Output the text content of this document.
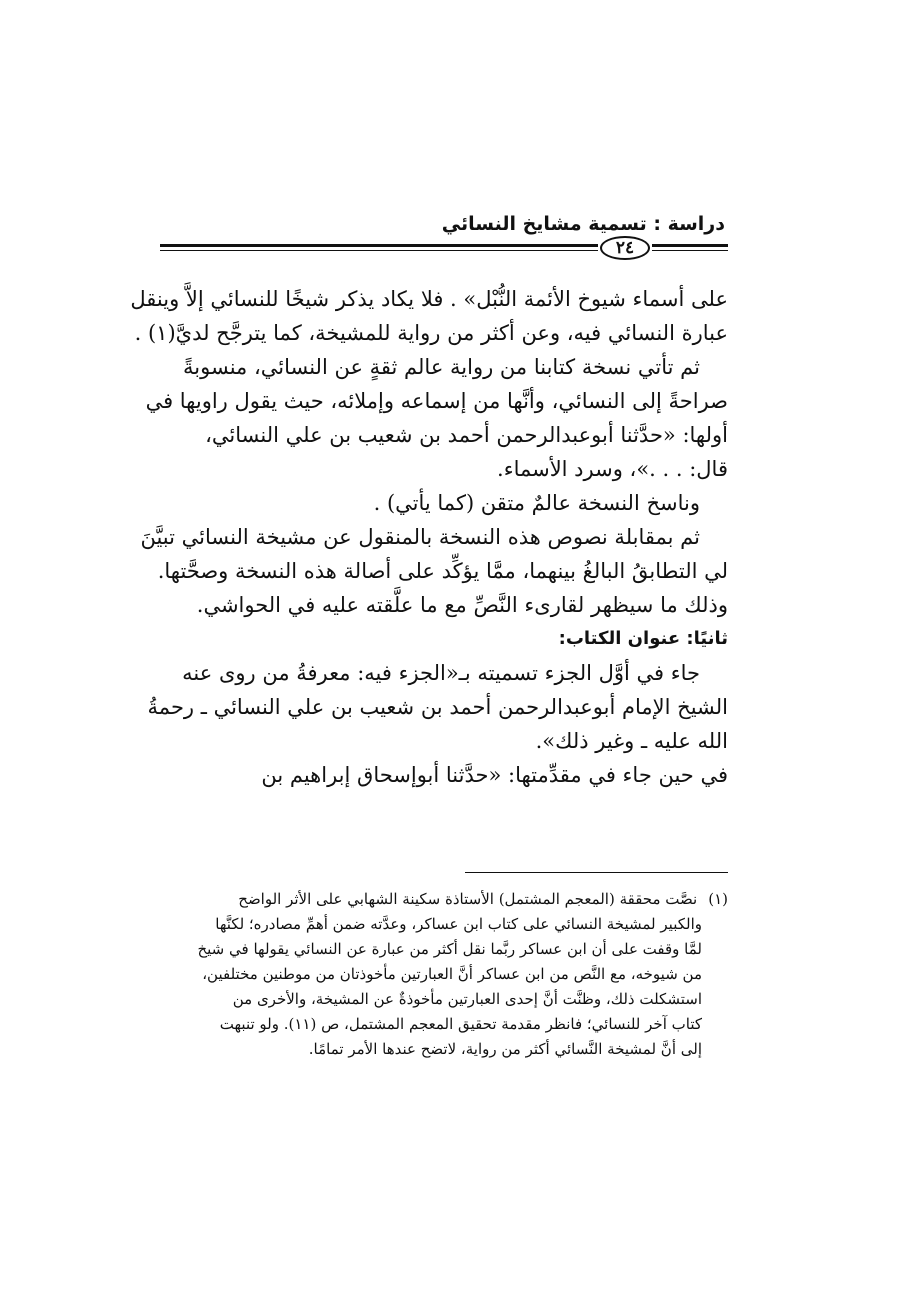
دراسة : تسمية مشايخ النسائي
٢٤

على أسماء شيوخ الأئمة النُّبْل» . فلا يكاد يذكر شيخًا للنسائي إلاَّ وينقل
عبارة النسائي فيه، وعن أكثر من رواية للمشيخة، كما يترجَّح لديَّ(١) .

ثم تأتي نسخة كتابنا من رواية عالم ثقةٍ عن النسائي، منسوبةً
صراحةً إلى النسائي، وأنَّها من إسماعه وإملائه، حيث يقول راويها في
أولها: «حدَّثنا أبوعبدالرحمن أحمد بن شعيب بن علي النسائي،
قال: . . .»، وسرد الأسماء.

وناسخ النسخة عالمٌ متقن (كما يأتي) .

ثم بمقابلة نصوص هذه النسخة بالمنقول عن مشيخة النسائي تبيَّنَ
لي التطابقُ البالغُ بينهما، ممَّا يؤكِّد على أصالة هذه النسخة وصحَّتها.
وذلك ما سيظهر لقارىء النَّصِّ مع ما علَّقته عليه في الحواشي.

ثانيًا: عنوان الكتاب:

جاء في أوَّل الجزء تسميته بـ«الجزء فيه: معرفةُ من روى عنه
الشيخ الإمام أبوعبدالرحمن أحمد بن شعيب بن علي النسائي ـ رحمةُ
الله عليه ـ وغير ذلك».

في حين جاء في مقدِّمتها: «حدَّثنا أبوإسحاق إبراهيم بن

(١) نصَّت محققة (المعجم المشتمل) الأستاذة سكينة الشهابي على الأثر الواضح
والكبير لمشيخة النسائي على كتاب ابن عساكر، وعدَّته ضمن أهمِّ مصادره؛ لكنَّها
لمَّا وقفت على أن ابن عساكر ربَّما نقل أكثر من عبارة عن النسائي يقولها في شيخ
من شيوخه، مع النَّص من ابن عساكر أنَّ العبارتين مأخوذتان من موطنين مختلفين،
استشكلت ذلك، وظنَّت أنَّ إحدى العبارتين مأخوذةٌ عن المشيخة، والأخرى من
كتاب آخر للنسائي؛ فانظر مقدمة تحقيق المعجم المشتمل، ص (١١). ولو تنبهت
إلى أنَّ لمشيخة النَّسائي أكثر من رواية، لاتضح عندها الأمر تمامًا.
